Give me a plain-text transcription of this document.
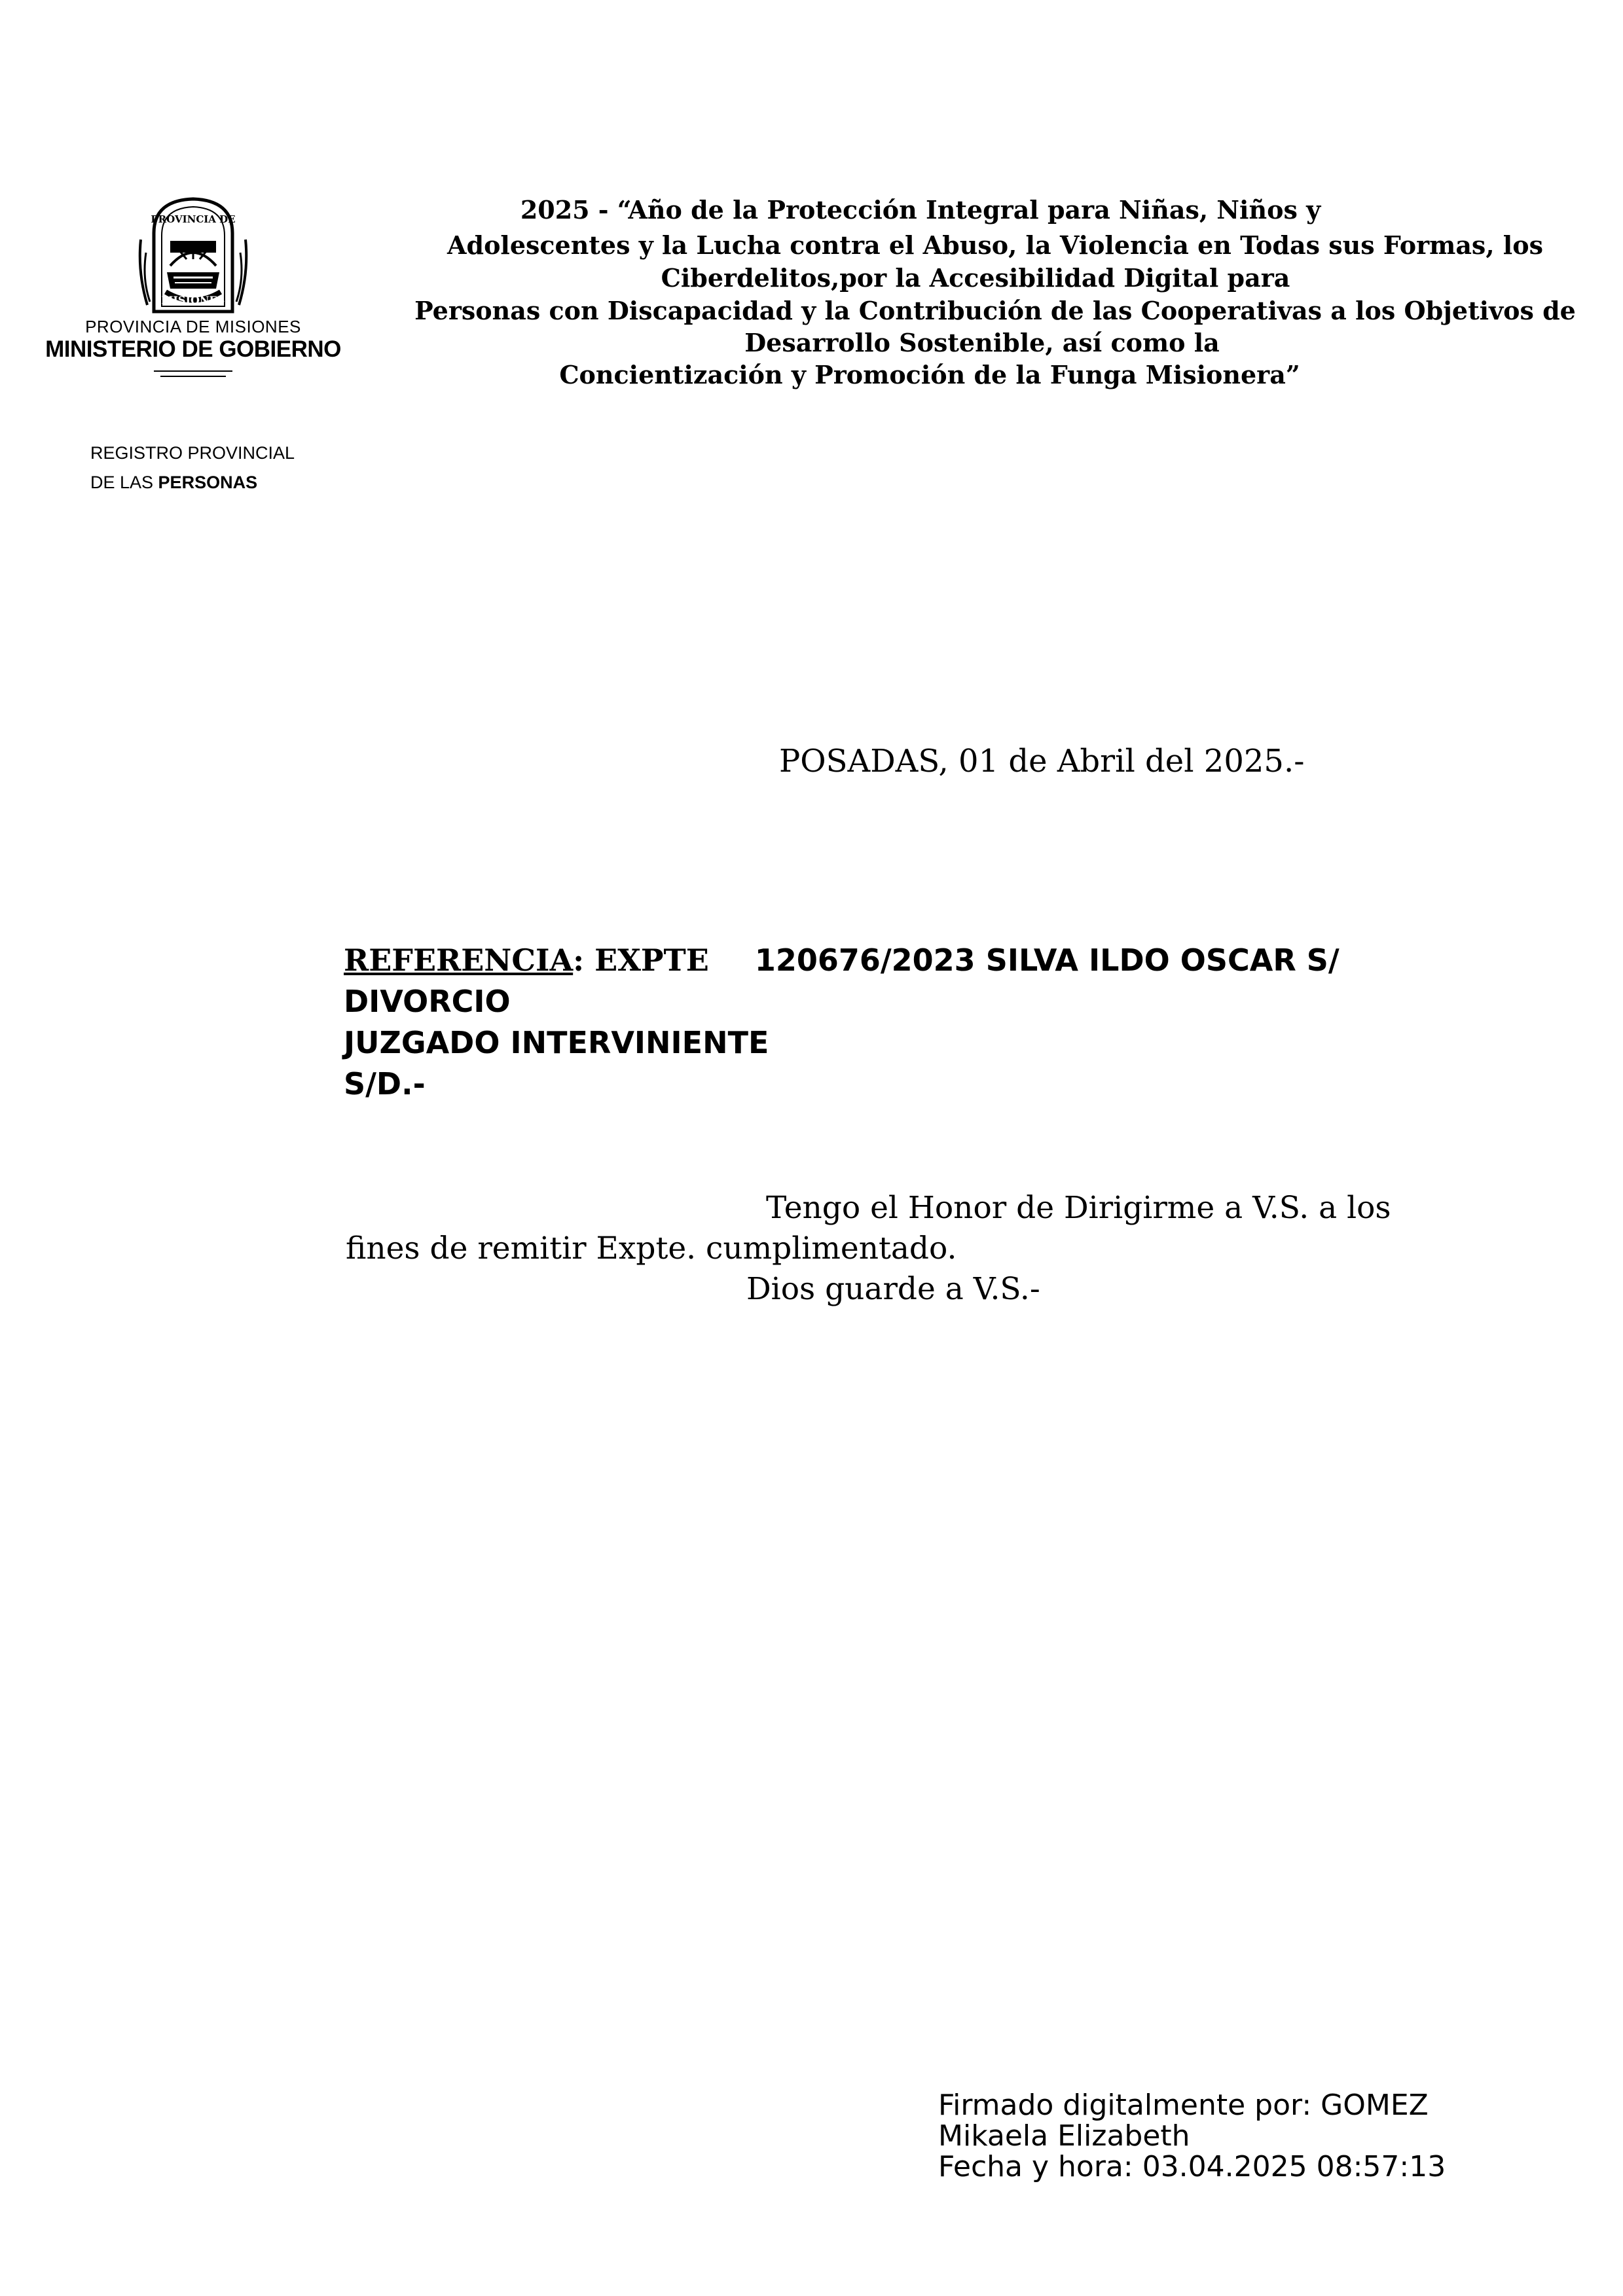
PROVINCIA DE
MISIONES
PROVINCIA DE MISIONES
MINISTERIO DE GOBIERNO
REGISTRO PROVINCIAL
DE LAS PERSONAS
2025 - “Año de la Protección Integral para Niñas, Niños y
Adolescentes y la Lucha contra el Abuso, la Violencia en Todas sus Formas, los
Ciberdelitos,por la Accesibilidad Digital para
Personas con Discapacidad y la Contribución de las Cooperativas a los Objetivos de
Desarrollo Sostenible, así como la
Concientización y Promoción de la Funga Misionera”
POSADAS, 01 de Abril del 2025.-
REFERENCIA: EXPTE 120676/2023 SILVA ILDO OSCAR S/
DIVORCIO
JUZGADO INTERVINIENTE
S/D.-
Tengo el Honor de Dirigirme a V.S. a los
fines de remitir Expte. cumplimentado.
Dios guarde a V.S.-
Firmado digitalmente por: GOMEZ
Mikaela Elizabeth
Fecha y hora: 03.04.2025 08:57:13
